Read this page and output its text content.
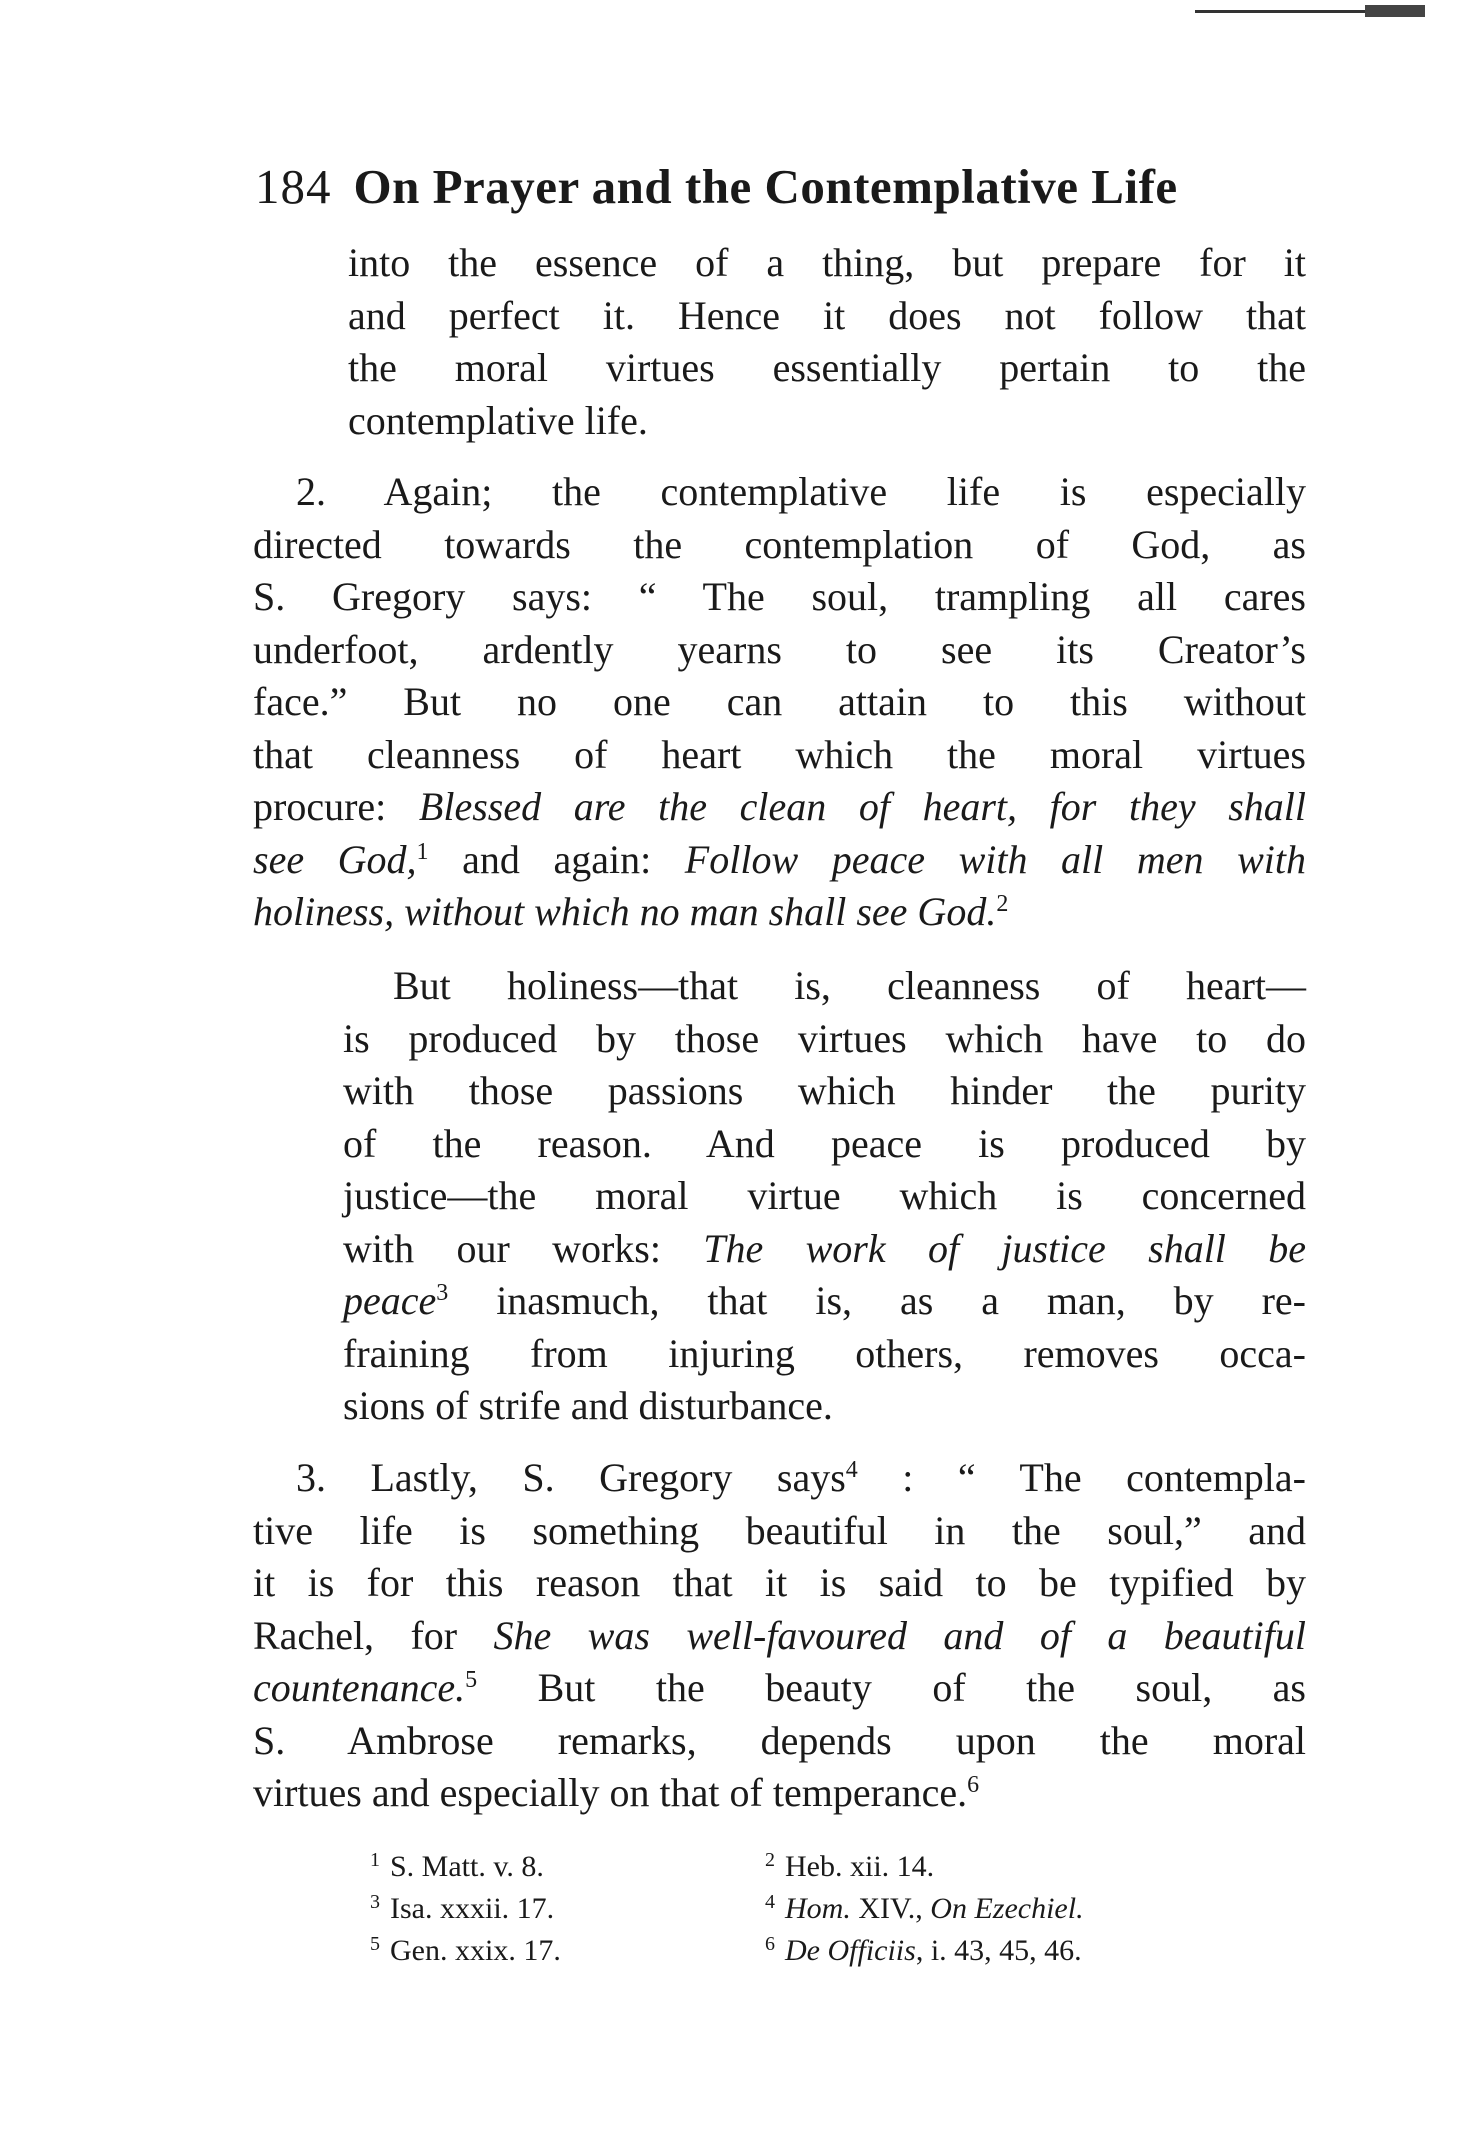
184 On Prayer and the Contemplative Life
into the essence of a thing, but prepare for it
and perfect it. Hence it does not follow that
the moral virtues essentially pertain to the
contemplative life.
2. Again; the contemplative life is especially
directed towards the contemplation of God, as
S. Gregory says: “ The soul, trampling all cares
underfoot, ardently yearns to see its Creator’s
face.” But no one can attain to this without
that cleanness of heart which the moral virtues
procure: Blessed are the clean of heart, for they shall
see God,$^1$ and again: Follow peace with all men with
holiness, without which no man shall see God.$^2$
But holiness—that is, cleanness of heart—
is produced by those virtues which have to do
with those passions which hinder the purity
of the reason. And peace is produced by
justice—the moral virtue which is concerned
with our works: The work of justice shall be
peace$^3$ inasmuch, that is, as a man, by re-
fraining from injuring others, removes occa-
sions of strife and disturbance.
3. Lastly, S. Gregory says$^4$ : “ The contempla-
tive life is something beautiful in the soul,” and
it is for this reason that it is said to be typified by
Rachel, for She was well-favoured and of a beautiful
countenance.$^5$ But the beauty of the soul, as
S. Ambrose remarks, depends upon the moral
virtues and especially on that of temperance.$^6$
$^1$ S. Matt. v. 8.	$^2$ Heb. xii. 14.
$^3$ Isa. xxxii. 17.	$^4$ Hom. XIV., On Ezechiel.
$^5$ Gen. xxix. 17.	$^6$ De Officiis, i. 43, 45, 46.
